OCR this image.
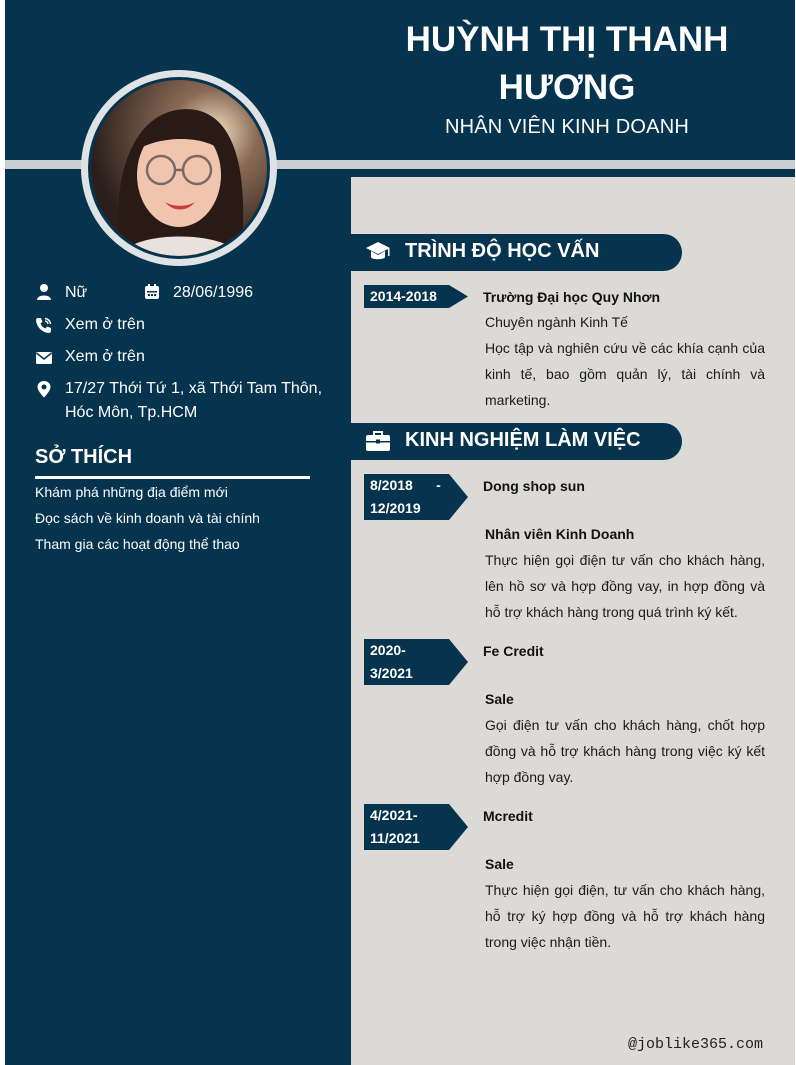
HUỲNH THỊ THANH
HƯƠNG
NHÂN VIÊN KINH DOANH
Nữ	28/06/1996
Xem ở trên
Xem ở trên
17/27 Thới Tứ 1, xã Thới Tam Thôn,
Hóc Môn, Tp.HCM
SỞ THÍCH
Khám phá những địa điểm mới
Đọc sách về kinh doanh và tài chính
Tham gia các hoạt động thể thao
TRÌNH ĐỘ HỌC VẤN
2014-2018	Trường Đại học Quy Nhơn
Chuyên ngành Kinh Tế
Học tập và nghiên cứu về các khía cạnh của kinh tế, bao gồm quản lý, tài chính và marketing.
KINH NGHIỆM LÀM VIỆC
8/2018      -
12/2019
Dong shop sun
Nhân viên Kinh Doanh
Thực hiện gọi điện tư vấn cho khách hàng, lên hồ sơ và hợp đồng vay, in hợp đồng và hỗ trợ khách hàng trong quá trình ký kết.
2020-
3/2021
Fe Credit
Sale
Gọi điện tư vấn cho khách hàng, chốt hợp đồng và hỗ trợ khách hàng trong việc ký kết hợp đồng vay.
4/2021-
11/2021
Mcredit
Sale
Thực hiện gọi điện, tư vấn cho khách hàng, hỗ trợ ký hợp đồng và hỗ trợ khách hàng trong việc nhận tiền.
@joblike365.com
